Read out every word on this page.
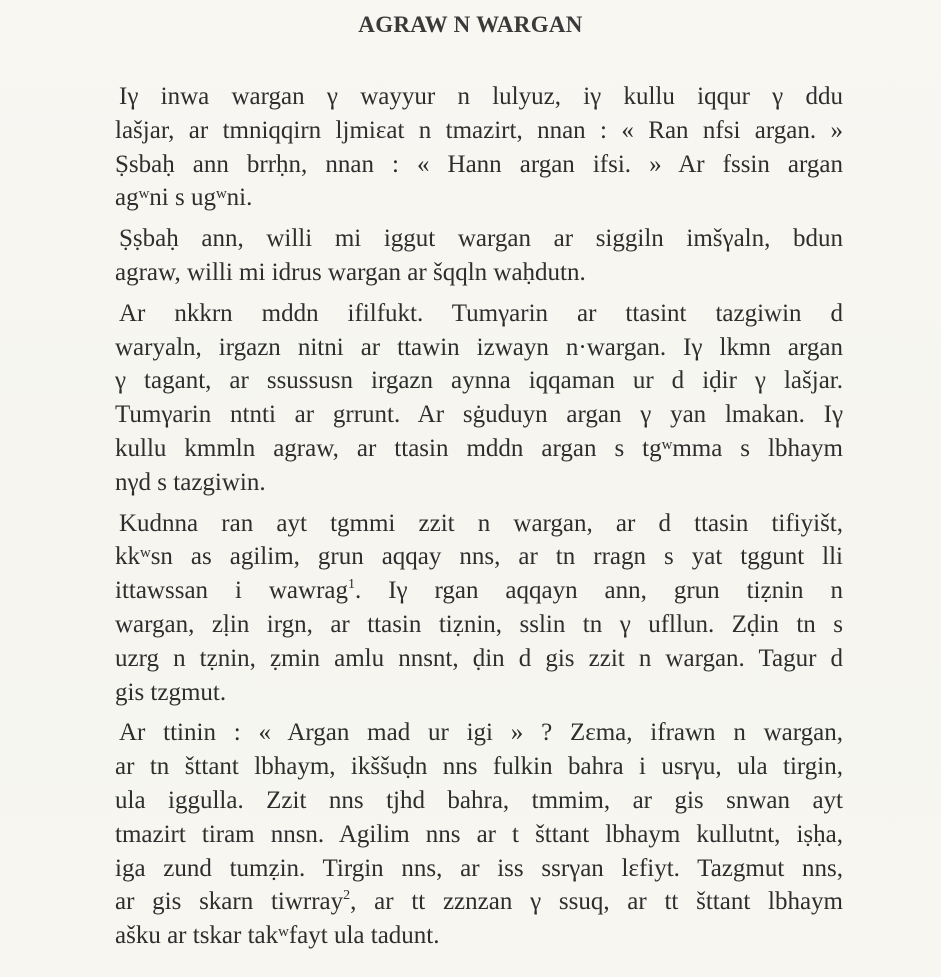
AGRAW N WARGAN
Iγ inwa wargan γ wayyur n lulyuz, iγ kullu iqqur γ ddu
lašjar, ar tmniqqirn ljmiεat n tmazirt, nnan : « Ran nfsi argan. »
Ṣsbaḥ ann brrḥn, nnan : « Hann argan ifsi. » Ar fssin argan
agʷni s ugʷni.
Ṣṣbaḥ ann, willi mi iggut wargan ar siggiln imšγaln, bdun
agraw, willi mi idrus wargan ar šqqln waḥdutn.
Ar nkkrn mddn ifilfukt. Tumγarin ar ttasint tazgiwin d
waryaln, irgazn nitni ar ttawin izwayn n·wargan. Iγ lkmn argan
γ tagant, ar ssussusn irgazn aynna iqqaman ur d iḍir γ lašjar.
Tumγarin ntnti ar grrunt. Ar sġuduyn argan γ yan lmakan. Iγ
kullu kmmln agraw, ar ttasin mddn argan s tgʷmma s lbhaym
nγd s tazgiwin.
Kudnna ran ayt tgmmi zzit n wargan, ar d ttasin tifiyišt,
kkʷsn as agilim, grun aqqay nns, ar tn rragn s yat tggunt lli
ittawssan i wawrag$^1$. Iγ rgan aqqayn ann, grun tiẓnin n
wargan, zḷin irgn, ar ttasin tiẓnin, sslin tn γ ufllun. Zḍin tn s
uzrg n tẓnin, ẓmin amlu nnsnt, ḍin d gis zzit n wargan. Tagur d
gis tzgmut.
Ar ttinin : « Argan mad ur igi » ? Zεma, ifrawn n wargan,
ar tn šttant lbhaym, ikššuḍn nns fulkin bahra i usrγu, ula tirgin,
ula iggulla. Zzit nns tjhd bahra, tmmim, ar gis snwan ayt
tmazirt tiram nnsn. Agilim nns ar t šttant lbhaym kullutnt, iṣḥa,
iga zund tumẓin. Tirgin nns, ar iss ssrγan lεfiyt. Tazgmut nns,
ar gis skarn tiwrray$^2$, ar tt zznzan γ ssuq, ar tt šttant lbhaym
ašku ar tskar takʷfayt ula tadunt.
